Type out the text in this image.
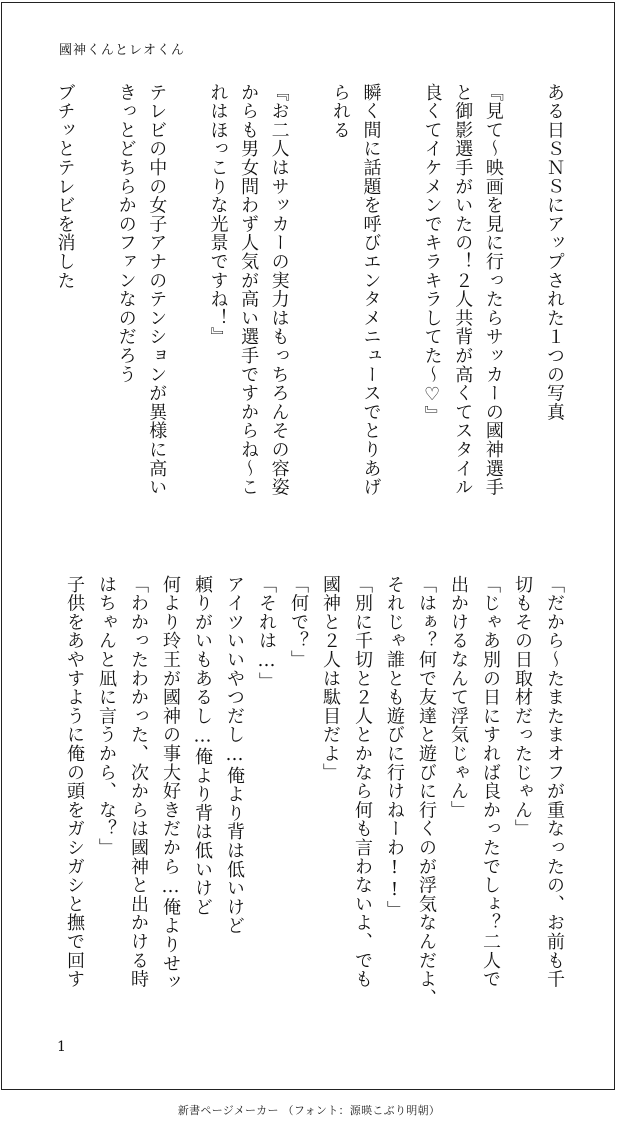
國神くんとレオくん
ある日ＳＮＳにアップされた１つの写真
『見て〜映画を見に行ったらサッカーの國神選手
と御影選手がいたの！２人共背が高くてスタイル
良くてイケメンでキラキラしてた〜♡』
瞬く間に話題を呼びエンタメニュースでとりあげ
られる
『お二人はサッカーの実力はもっちろんその容姿
からも男女問わず人気が高い選手ですからね〜こ
れはほっこりな光景ですね！』
テレビの中の女子アナのテンションが異様に高い
きっとどちらかのファンなのだろう
ブチッとテレビを消した
「だから〜たまたまオフが重なったの、お前も千
切もその日取材だったじゃん」
「じゃあ別の日にすれば良かったでしょ？二人で
出かけるなんて浮気じゃん」
「はぁ？何で友達と遊びに行くのが浮気なんだよ、
それじゃ誰とも遊びに行けねーわ!!」
「別に千切と２人とかなら何も言わないよ、でも
國神と２人は駄目だよ」
「何で？」
「それは…」
アイツいいやつだし…俺より背は低いけど
頼りがいもあるし…俺より背は低いけど
何より玲王が國神の事大好きだから…俺よりせッ
「わかったわかった、次からは國神と出かける時
はちゃんと凪に言うから、な？」
子供をあやすように俺の頭をガシガシと撫で回す
1
新書ページメーカー （フォント：源暎こぶり明朝）
